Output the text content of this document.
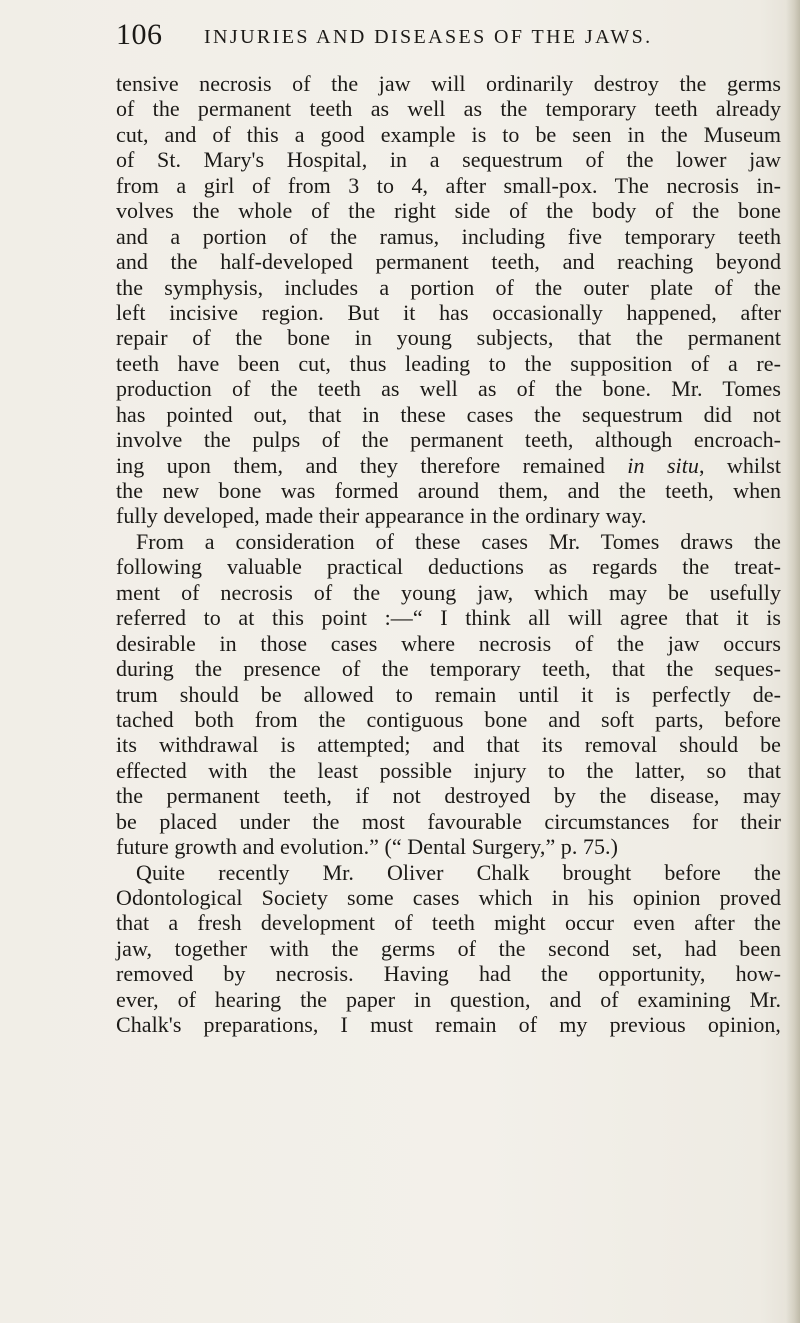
106 INJURIES AND DISEASES OF THE JAWS.
tensive necrosis of the jaw will ordinarily destroy the germs
of the permanent teeth as well as the temporary teeth already
cut, and of this a good example is to be seen in the Museum
of St. Mary's Hospital, in a sequestrum of the lower jaw
from a girl of from 3 to 4, after small-pox. The necrosis in-
volves the whole of the right side of the body of the bone
and a portion of the ramus, including five temporary teeth
and the half-developed permanent teeth, and reaching beyond
the symphysis, includes a portion of the outer plate of the
left incisive region. But it has occasionally happened, after
repair of the bone in young subjects, that the permanent
teeth have been cut, thus leading to the supposition of a re-
production of the teeth as well as of the bone. Mr. Tomes
has pointed out, that in these cases the sequestrum did not
involve the pulps of the permanent teeth, although encroach-
ing upon them, and they therefore remained in situ, whilst
the new bone was formed around them, and the teeth, when
fully developed, made their appearance in the ordinary way.
From a consideration of these cases Mr. Tomes draws the
following valuable practical deductions as regards the treat-
ment of necrosis of the young jaw, which may be usefully
referred to at this point :—“ I think all will agree that it is
desirable in those cases where necrosis of the jaw occurs
during the presence of the temporary teeth, that the seques-
trum should be allowed to remain until it is perfectly de-
tached both from the contiguous bone and soft parts, before
its withdrawal is attempted; and that its removal should be
effected with the least possible injury to the latter, so that
the permanent teeth, if not destroyed by the disease, may
be placed under the most favourable circumstances for their
future growth and evolution.” (“ Dental Surgery,” p. 75.)
Quite recently Mr. Oliver Chalk brought before the
Odontological Society some cases which in his opinion proved
that a fresh development of teeth might occur even after the
jaw, together with the germs of the second set, had been
removed by necrosis. Having had the opportunity, how-
ever, of hearing the paper in question, and of examining Mr.
Chalk's preparations, I must remain of my previous opinion,
